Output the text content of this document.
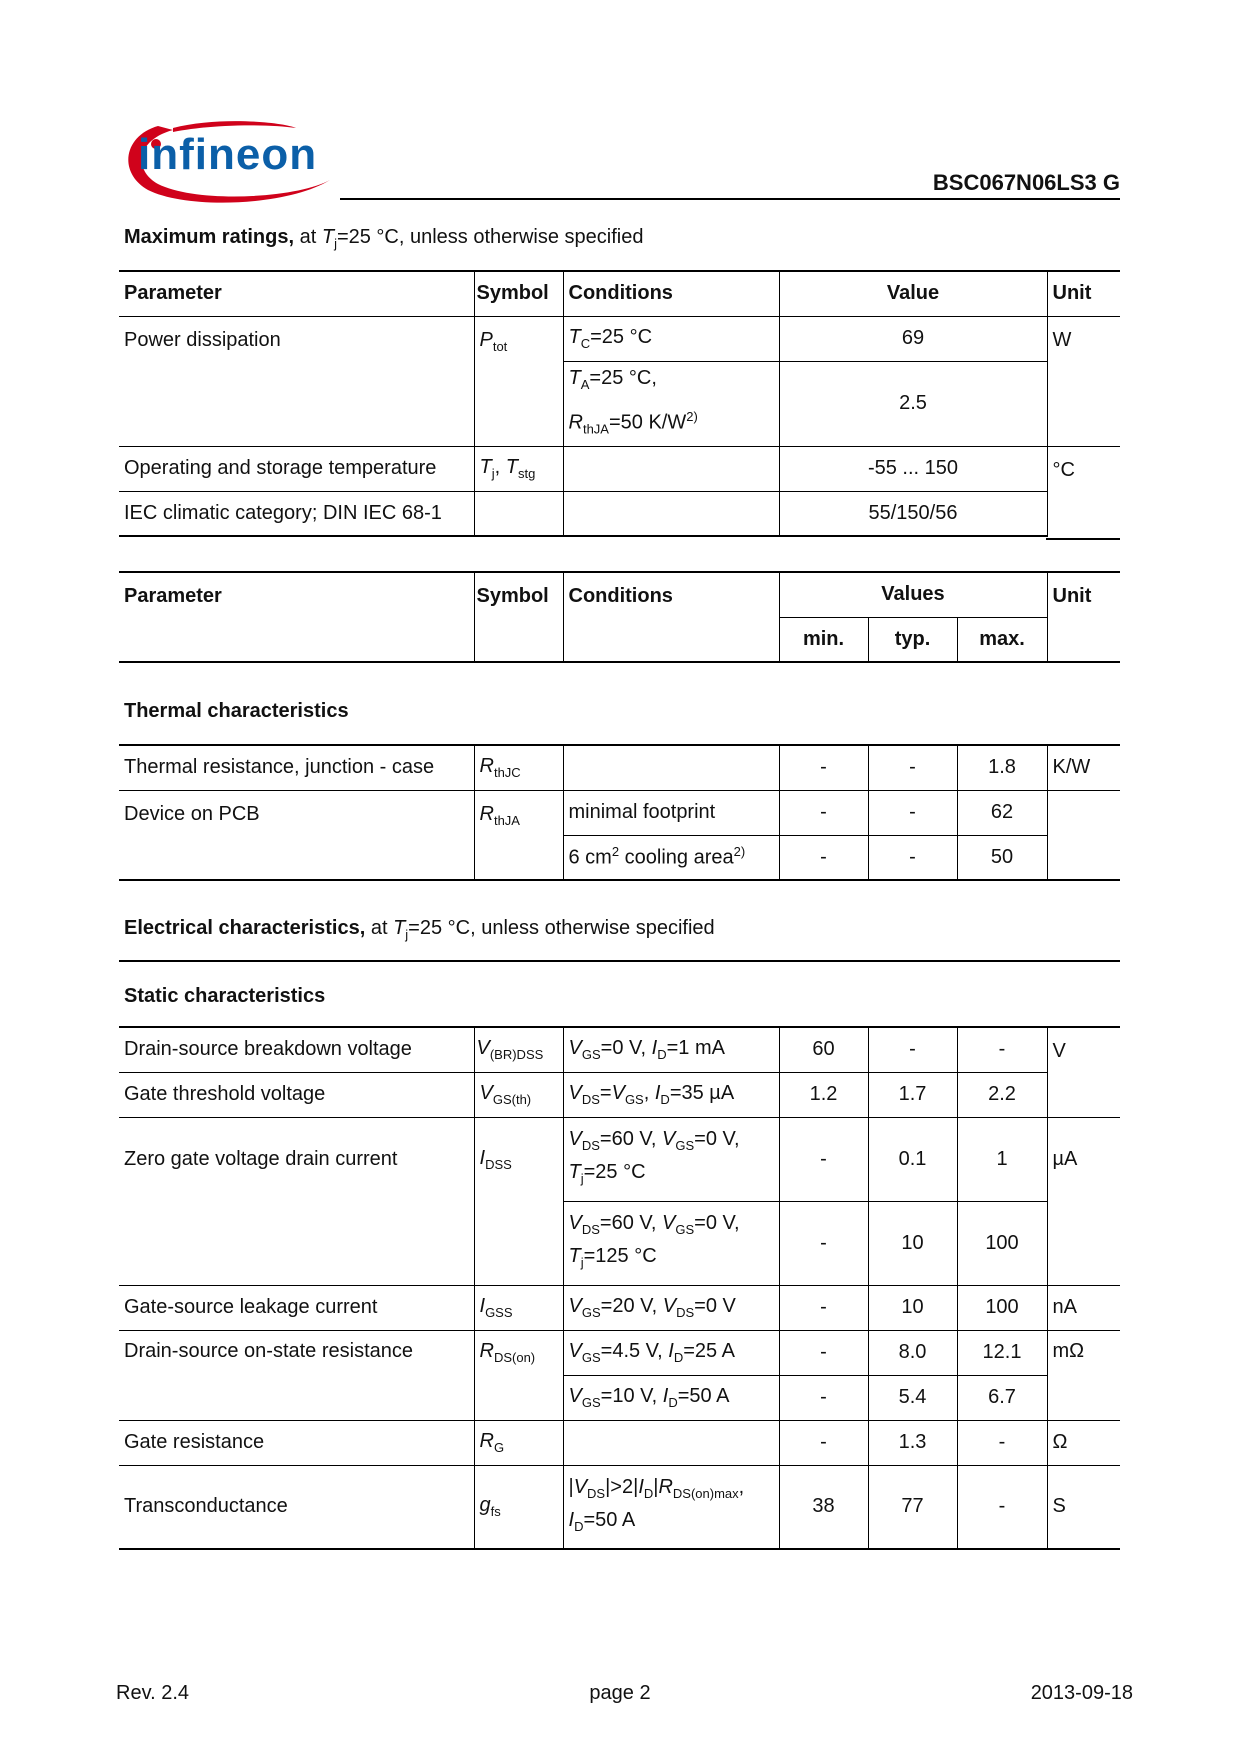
infineon
BSC067N06LS3 G
Maximum ratings, at $T_j=25$ °C, unless otherwise specified
Parameter	Symbol	Conditions	Value	Unit
Power dissipation	$P_{tot}$	$T_C=25$ °C	69	W
		$T_A=25$ °C,
$R_{thJA}=50$ $K/W^{2)}$	2.5	
Operating and storage temperature	$T_j$, $T_{stg}$		-55 ... 150	°C
IEC climatic category; DIN IEC 68-1			55/150/56	
Parameter	Symbol	Conditions	Values			Unit
			min.	typ.	max.	
Thermal characteristics
Thermal resistance, junction - case	$R_{thJC}$		-	-	1.8	K/W
Device on PCB	$R_{thJA}$	minimal footprint	-	-	62	
		6 $cm^2$ cooling area$^{2)}$	-	-	50	
Electrical characteristics, at $T_j=25$ °C, unless otherwise specified
Static characteristics
Drain-source breakdown voltage	$V_{(BR)DSS}$	$V_{GS}=0$ V, $I_D=1$ mA	60	-	-	V
Gate threshold voltage	$V_{GS(th)}$	$V_{DS}=V_{GS}$, $I_D=35$ µA	1.2	1.7	2.2	
Zero gate voltage drain current	$I_{DSS}$	$V_{DS}=60$ V, $V_{GS}=0$ V,
$T_j=25$ °C	-	0.1	1	µA
		$V_{DS}=60$ V, $V_{GS}=0$ V,
$T_j=125$ °C	-	10	100	
Gate-source leakage current	$I_{GSS}$	$V_{GS}=20$ V, $V_{DS}=0$ V	-	10	100	nA
Drain-source on-state resistance	$R_{DS(on)}$	$V_{GS}=4.5$ V, $I_D=25$ A	-	8.0	12.1	mΩ
		$V_{GS}=10$ V, $I_D=50$ A	-	5.4	6.7	
Gate resistance	$R_G$		-	1.3	-	Ω
Transconductance	$g_{fs}$	$|V_{DS}|>2|I_D|R_{DS(on)max}$,
$I_D=50$ A	38	77	-	S
Rev. 2.4	page 2	2013-09-18
